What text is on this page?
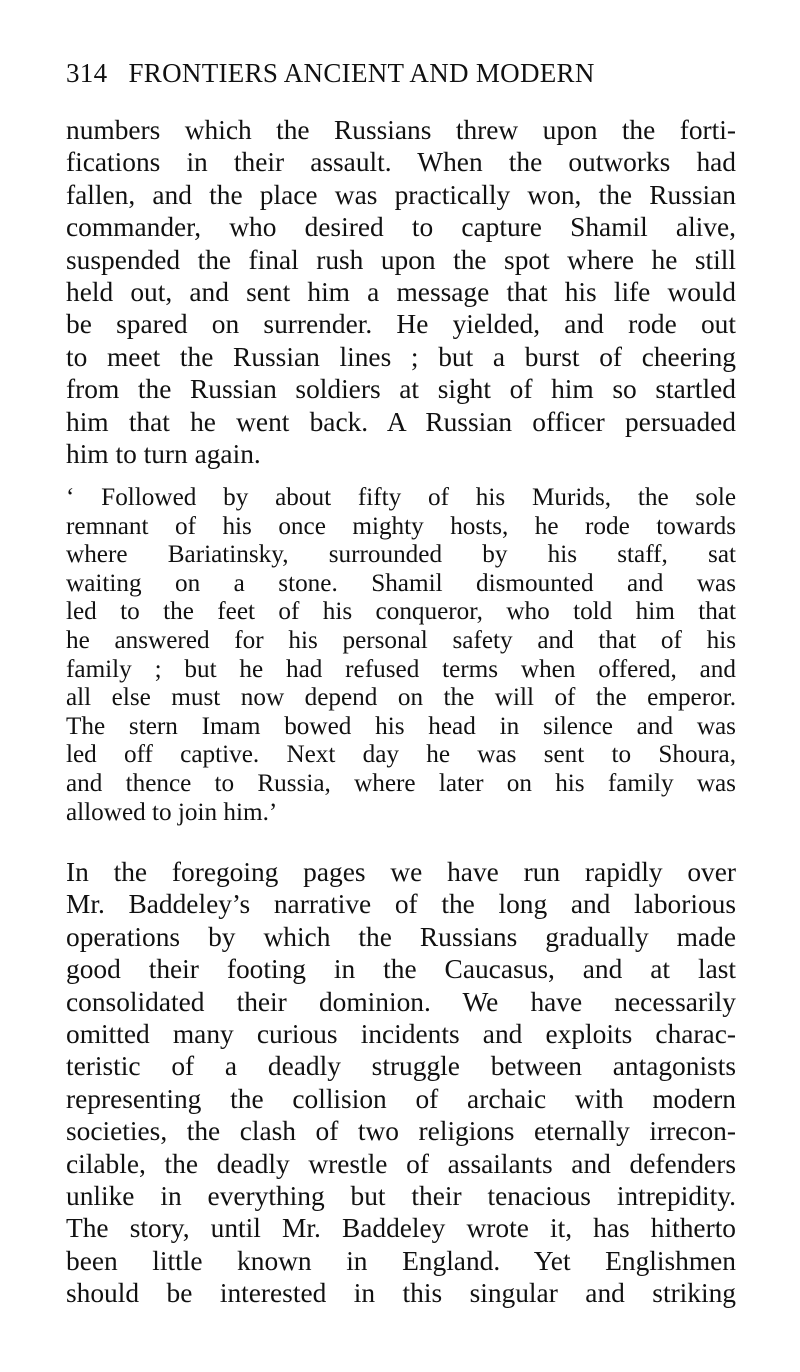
314 FRONTIERS ANCIENT AND MODERN
numbers which the Russians threw upon the forti-
fications in their assault. When the outworks had
fallen, and the place was practically won, the Russian
commander, who desired to capture Shamil alive,
suspended the final rush upon the spot where he still
held out, and sent him a message that his life would
be spared on surrender. He yielded, and rode out
to meet the Russian lines ; but a burst of cheering
from the Russian soldiers at sight of him so startled
him that he went back. A Russian officer persuaded
him to turn again.
‘ Followed by about fifty of his Murids, the sole
remnant of his once mighty hosts, he rode towards
where Bariatinsky, surrounded by his staff, sat
waiting on a stone. Shamil dismounted and was
led to the feet of his conqueror, who told him that
he answered for his personal safety and that of his
family ; but he had refused terms when offered, and
all else must now depend on the will of the emperor.
The stern Imam bowed his head in silence and was
led off captive. Next day he was sent to Shoura,
and thence to Russia, where later on his family was
allowed to join him.’
In the foregoing pages we have run rapidly over
Mr. Baddeley’s narrative of the long and laborious
operations by which the Russians gradually made
good their footing in the Caucasus, and at last
consolidated their dominion. We have necessarily
omitted many curious incidents and exploits charac-
teristic of a deadly struggle between antagonists
representing the collision of archaic with modern
societies, the clash of two religions eternally irrecon-
cilable, the deadly wrestle of assailants and defenders
unlike in everything but their tenacious intrepidity.
The story, until Mr. Baddeley wrote it, has hitherto
been little known in England. Yet Englishmen
should be interested in this singular and striking
